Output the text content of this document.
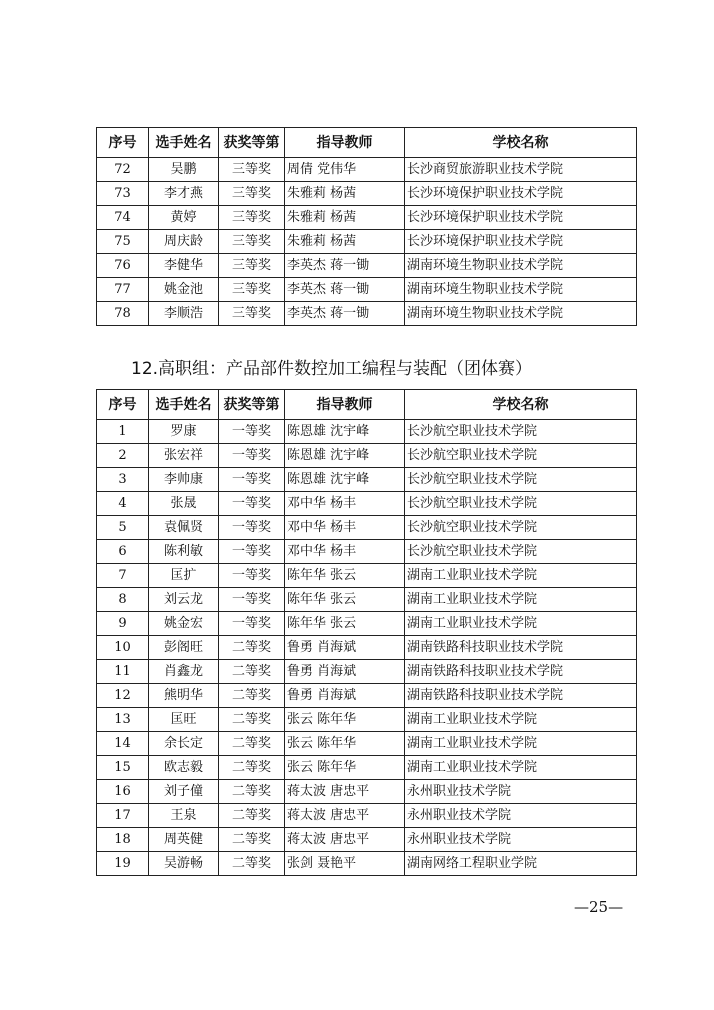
序号	选手姓名	获奖等第	指导教师	学校名称
72	吴鹏	三等奖	周倩 党伟华	长沙商贸旅游职业技术学院
73	李才燕	三等奖	朱雅莉 杨茜	长沙环境保护职业技术学院
74	黄婷	三等奖	朱雅莉 杨茜	长沙环境保护职业技术学院
75	周庆龄	三等奖	朱雅莉 杨茜	长沙环境保护职业技术学院
76	李健华	三等奖	李英杰 蒋一锄	湖南环境生物职业技术学院
77	姚金池	三等奖	李英杰 蒋一锄	湖南环境生物职业技术学院
78	李顺浩	三等奖	李英杰 蒋一锄	湖南环境生物职业技术学院
12.高职组：产品部件数控加工编程与装配（团体赛）
序号	选手姓名	获奖等第	指导教师	学校名称
1	罗康	一等奖	陈恩雄 沈宇峰	长沙航空职业技术学院
2	张宏祥	一等奖	陈恩雄 沈宇峰	长沙航空职业技术学院
3	李帅康	一等奖	陈恩雄 沈宇峰	长沙航空职业技术学院
4	张晟	一等奖	邓中华 杨丰	长沙航空职业技术学院
5	袁佩贤	一等奖	邓中华 杨丰	长沙航空职业技术学院
6	陈利敏	一等奖	邓中华 杨丰	长沙航空职业技术学院
7	匡扩	一等奖	陈年华 张云	湖南工业职业技术学院
8	刘云龙	一等奖	陈年华 张云	湖南工业职业技术学院
9	姚金宏	一等奖	陈年华 张云	湖南工业职业技术学院
10	彭阁旺	二等奖	鲁勇 肖海斌	湖南铁路科技职业技术学院
11	肖鑫龙	二等奖	鲁勇 肖海斌	湖南铁路科技职业技术学院
12	熊明华	二等奖	鲁勇 肖海斌	湖南铁路科技职业技术学院
13	匡旺	二等奖	张云 陈年华	湖南工业职业技术学院
14	余长定	二等奖	张云 陈年华	湖南工业职业技术学院
15	欧志毅	二等奖	张云 陈年华	湖南工业职业技术学院
16	刘子僮	二等奖	蒋太波 唐忠平	永州职业技术学院
17	王泉	二等奖	蒋太波 唐忠平	永州职业技术学院
18	周英健	二等奖	蒋太波 唐忠平	永州职业技术学院
19	吴游畅	二等奖	张剑 聂艳平	湖南网络工程职业学院
—25—
